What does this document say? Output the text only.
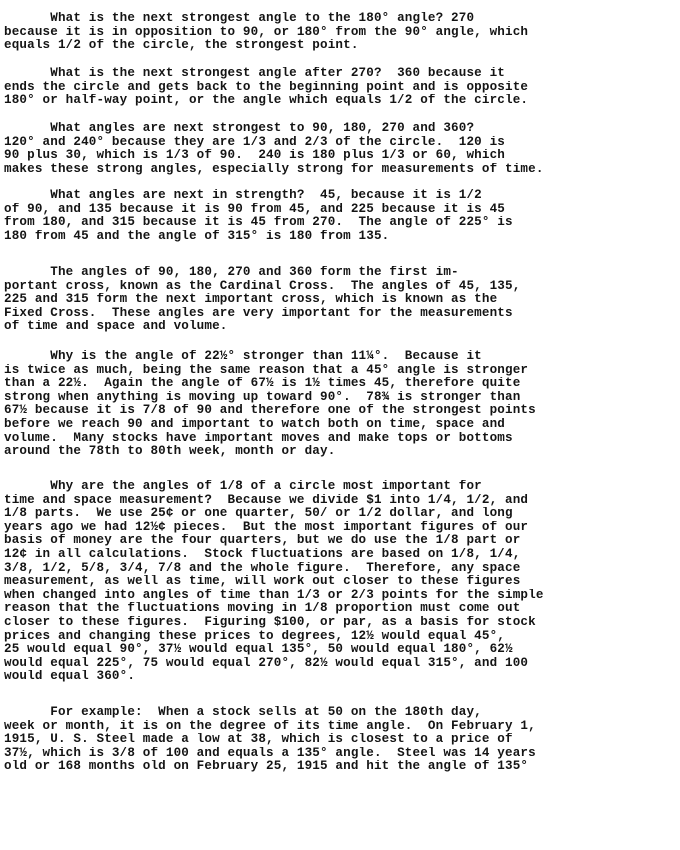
What is the next strongest angle to the 180° angle? 270
because it is in opposition to 90, or 180° from the 90° angle, which
equals 1/2 of the circle, the strongest point.

What is the next strongest angle after 270?  360 because it
ends the circle and gets back to the beginning point and is opposite
180° or half-way point, or the angle which equals 1/2 of the circle.

What angles are next strongest to 90, 180, 270 and 360?
120° and 240° because they are 1/3 and 2/3 of the circle.  120 is
90 plus 30, which is 1/3 of 90.  240 is 180 plus 1/3 or 60, which
makes these strong angles, especially strong for measurements of time.

What angles are next in strength?  45, because it is 1/2
of 90, and 135 because it is 90 from 45, and 225 because it is 45
from 180, and 315 because it is 45 from 270.  The angle of 225° is
180 from 45 and the angle of 315° is 180 from 135.

The angles of 90, 180, 270 and 360 form the first im-
portant cross, known as the Cardinal Cross.  The angles of 45, 135,
225 and 315 form the next important cross, which is known as the
Fixed Cross.  These angles are very important for the measurements
of time and space and volume.

Why is the angle of 22½° stronger than 11¼°.  Because it
is twice as much, being the same reason that a 45° angle is stronger
than a 22½.  Again the angle of 67½ is 1½ times 45, therefore quite
strong when anything is moving up toward 90°.  78¾ is stronger than
67½ because it is 7/8 of 90 and therefore one of the strongest points
before we reach 90 and important to watch both on time, space and
volume.  Many stocks have important moves and make tops or bottoms
around the 78th to 80th week, month or day.

Why are the angles of 1/8 of a circle most important for
time and space measurement?  Because we divide $1 into 1/4, 1/2, and
1/8 parts.  We use 25¢ or one quarter, 50/ or 1/2 dollar, and long
years ago we had 12½¢ pieces.  But the most important figures of our
basis of money are the four quarters, but we do use the 1/8 part or
12¢ in all calculations.  Stock fluctuations are based on 1/8, 1/4,
3/8, 1/2, 5/8, 3/4, 7/8 and the whole figure.  Therefore, any space
measurement, as well as time, will work out closer to these figures
when changed into angles of time than 1/3 or 2/3 points for the simple
reason that the fluctuations moving in 1/8 proportion must come out
closer to these figures.  Figuring $100, or par, as a basis for stock
prices and changing these prices to degrees, 12½ would equal 45°,
25 would equal 90°, 37½ would equal 135°, 50 would equal 180°, 62½
would equal 225°, 75 would equal 270°, 82½ would equal 315°, and 100
would equal 360°.

For example:  When a stock sells at 50 on the 180th day,
week or month, it is on the degree of its time angle.  On February 1,
1915, U. S. Steel made a low at 38, which is closest to a price of
37½, which is 3/8 of 100 and equals a 135° angle.  Steel was 14 years
old or 168 months old on February 25, 1915 and hit the angle of 135°
